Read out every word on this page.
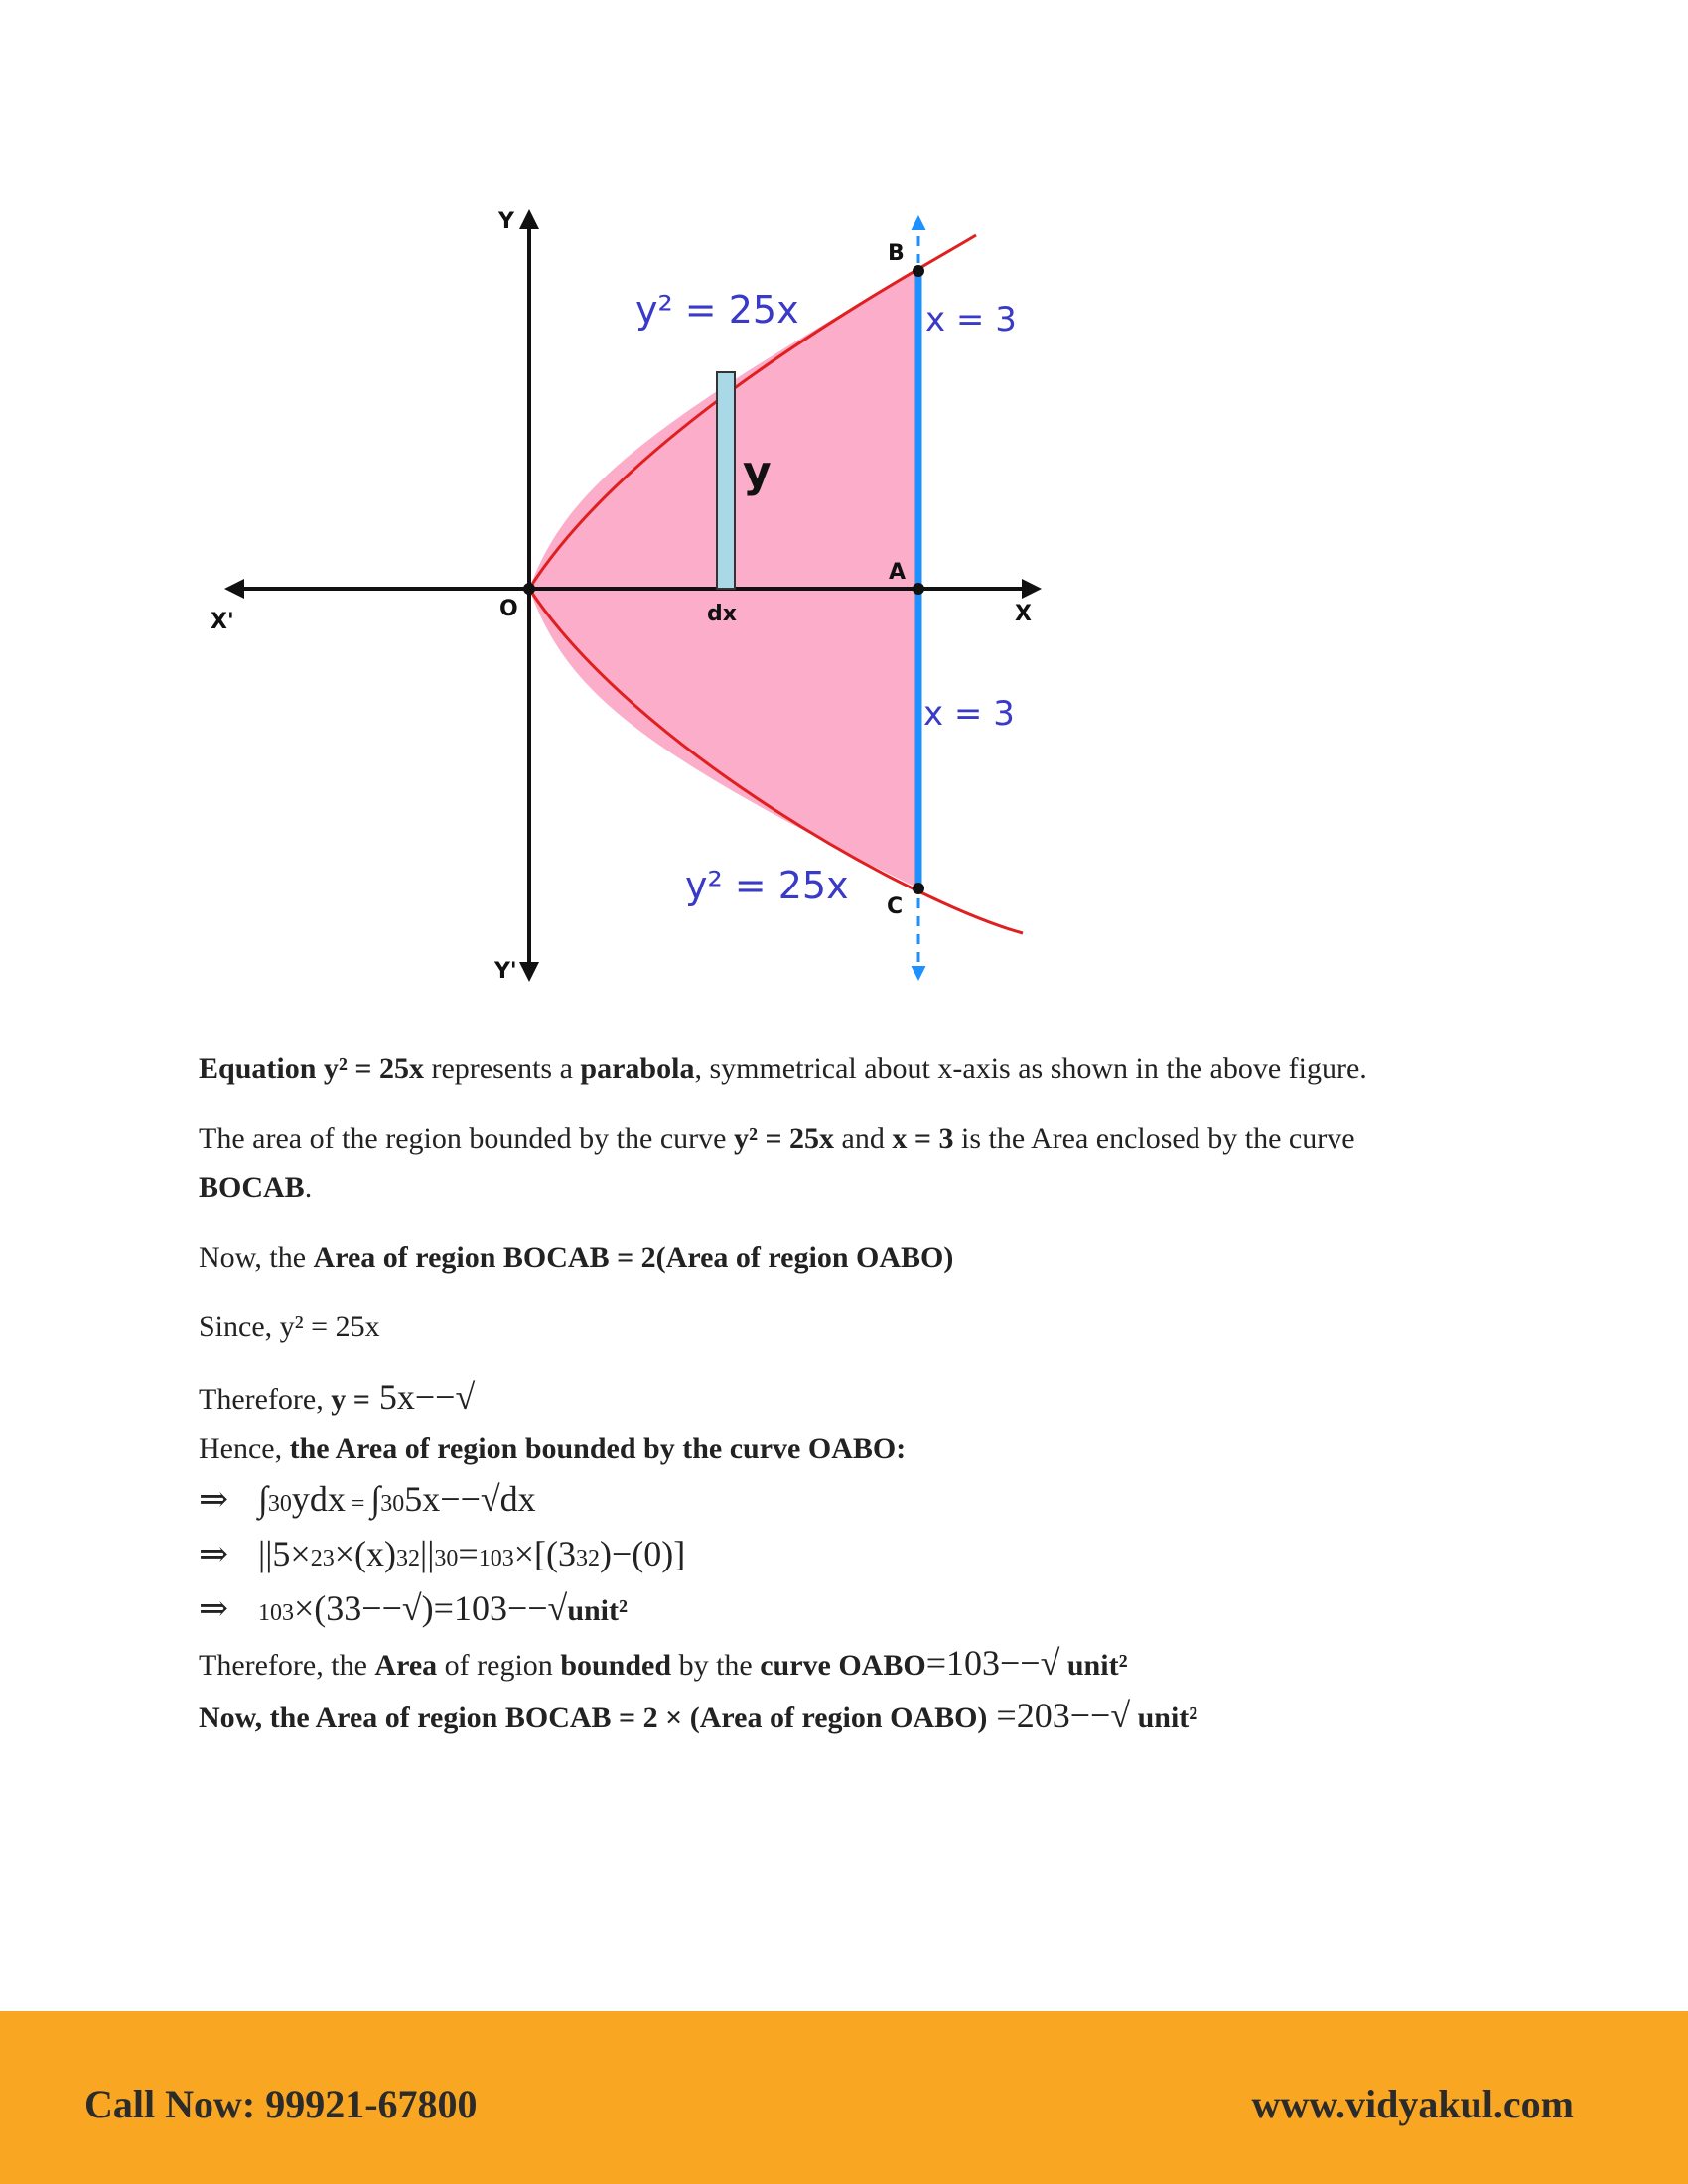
Y
Y'
X
X'
O
A
B
C
dx
y
y² = 25x
y² = 25x
x = 3
x = 3

Equation y² = 25x represents a parabola, symmetrical about x-axis as shown in the above figure.

The area of the region bounded by the curve y² = 25x and x = 3 is the Area enclosed by the curve BOCAB.

Now, the Area of region BOCAB = 2(Area of region OABO)

Since, y² = 25x

Therefore, y = 5x−−√

Hence, the Area of region bounded by the curve OABO:

⇒ ∫30ydx = ∫305x−−√dx

⇒ ||5×23×(x)32||30=103×[(332)−(0)]

⇒ 103×(33−−√)=103−−√unit²

Therefore, the Area of region bounded by the curve OABO=103−−√ unit²

Now, the Area of region BOCAB = 2 × (Area of region OABO) =203−−√ unit²

Call Now: 99921-67800	www.vidyakul.com
